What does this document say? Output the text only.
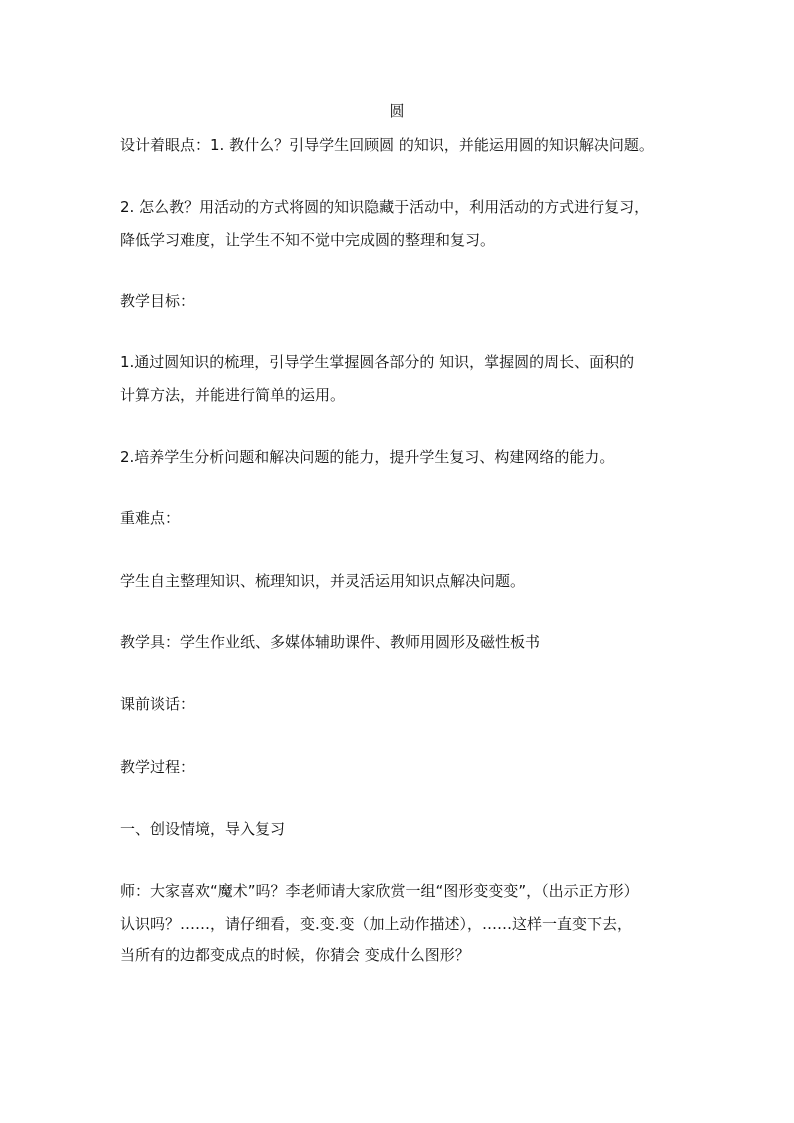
圆
设计着眼点：1. 教什么？引导学生回顾圆 的知识，并能运用圆的知识解决问题。
2. 怎么教？用活动的方式将圆的知识隐藏于活动中，利用活动的方式进行复习，
降低学习难度，让学生不知不觉中完成圆的整理和复习。
教学目标：
1.通过圆知识的梳理，引导学生掌握圆各部分的 知识，掌握圆的周长、面积的
计算方法，并能进行简单的运用。
2.培养学生分析问题和解决问题的能力，提升学生复习、构建网络的能力。
重难点：
学生自主整理知识、梳理知识，并灵活运用知识点解决问题。
教学具：学生作业纸、多媒体辅助课件、教师用圆形及磁性板书
课前谈话：
教学过程：
一、创设情境，导入复习
师：大家喜欢“魔术”吗？李老师请大家欣赏一组“图形变变变”，（出示正方形）
认识吗？……，请仔细看，变.变.变（加上动作描述），……这样一直变下去，
当所有的边都变成点的时候，你猜会 变成什么图形？
